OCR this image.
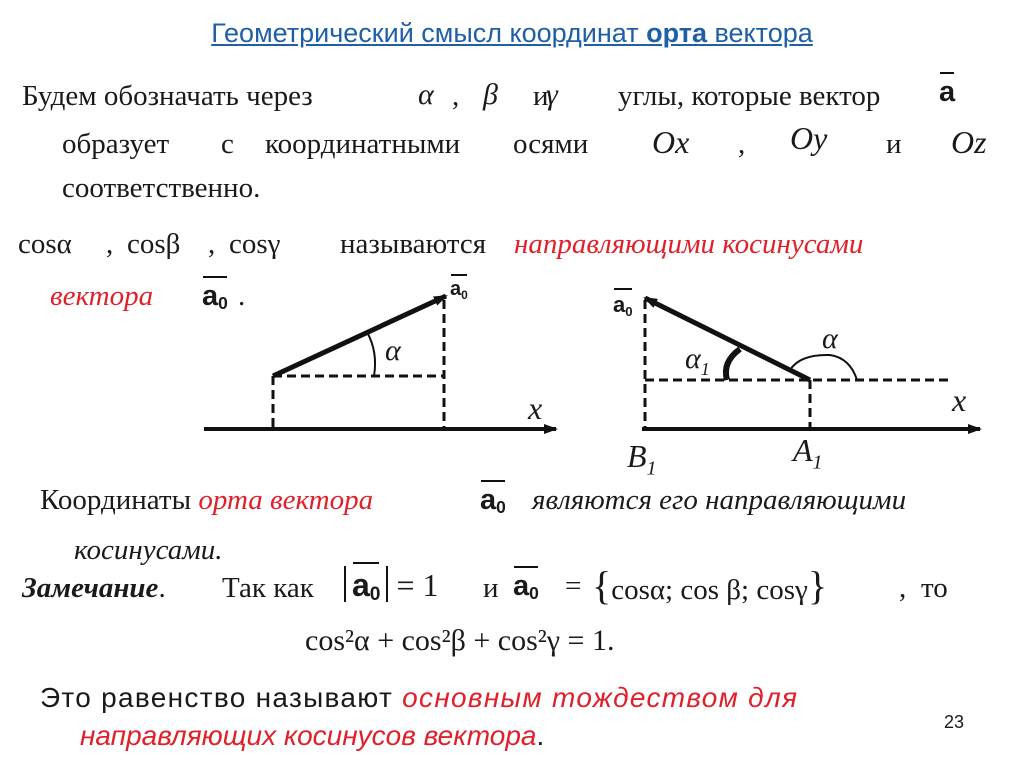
Геометрический смысл координат орта вектора
Будем обозначать через	α , β и
γ углы, которые вектор a
образует с координатными осями Ox , Oy и Oz
соответственно.
cosα , cosβ , cosγ называются направляющими косинусами
вектора $a_0$ .	$a_0$
α
x
$a_0$
$\alpha_1$
α
x
$B_1$
$A_1$
Координаты орта вектора	$a_0$ являются его направляющими
косинусами.
Замечание. Так как $a_0 = 1$ и $a_0 = \{\cos\alpha$; cos β; cosγ} , то
cos²α + cos²β + cos²γ = 1.
Это равенство называют основным тождеством для
направляющих косинусов вектора.	23
